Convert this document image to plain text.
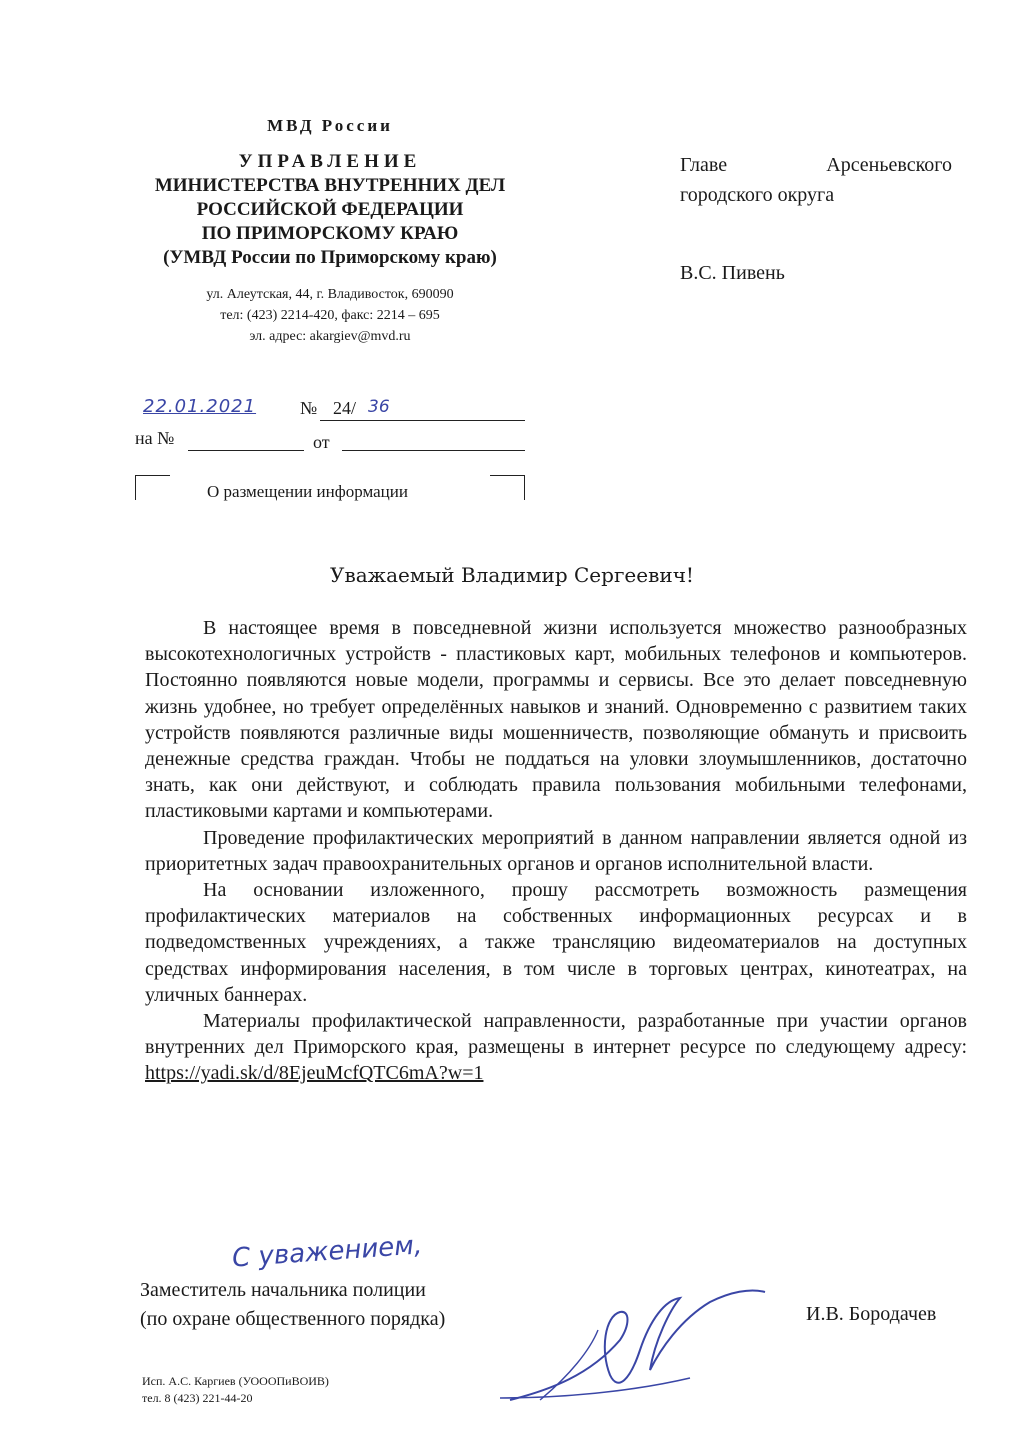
МВД России
УПРАВЛЕНИЕ
МИНИСТЕРСТВА ВНУТРЕННИХ ДЕЛ
РОССИЙСКОЙ ФЕДЕРАЦИИ
ПО ПРИМОРСКОМУ КРАЮ
(УМВД России по Приморскому краю)
ул. Алеутская, 44, г. Владивосток, 690090
тел: (423) 2214-420, факс: 2214 – 695
эл. адрес: akargiev@mvd.ru
Главе Арсеньевского
городского округа
В.С. Пивень
22.01.2021 № 24/ 36
на №	от
О размещении информации
Уважаемый Владимир Сергеевич!

В настоящее время в повседневной жизни используется множество разнообразных высокотехнологичных устройств - пластиковых карт, мобильных телефонов и компьютеров. Постоянно появляются новые модели, программы и сервисы. Все это делает повседневную жизнь удобнее, но требует определённых навыков и знаний. Одновременно с развитием таких устройств появляются различные виды мошенничеств, позволяющие обмануть и присвоить денежные средства граждан. Чтобы не поддаться на уловки злоумышленников, достаточно знать, как они действуют, и соблюдать правила пользования мобильными телефонами, пластиковыми картами и компьютерами.

Проведение профилактических мероприятий в данном направлении является одной из приоритетных задач правоохранительных органов и органов исполнительной власти.

На основании изложенного, прошу рассмотреть возможность размещения профилактических материалов на собственных информационных ресурсах и в подведомственных учреждениях, а также трансляцию видеоматериалов на доступных средствах информирования населения, в том числе в торговых центрах, кинотеатрах, на уличных баннерах.

Материалы профилактической направленности, разработанные при участии органов внутренних дел Приморского края, размещены в интернет ресурсе по следующему адресу: https://yadi.sk/d/8EjeuMcfQTC6mA?w=1

С уважением,
Заместитель начальника полиции
(по охране общественного порядка)	И.В. Бородачев
Исп. А.С. Каргиев (УОООПиВОИВ)
тел. 8 (423) 221-44-20
